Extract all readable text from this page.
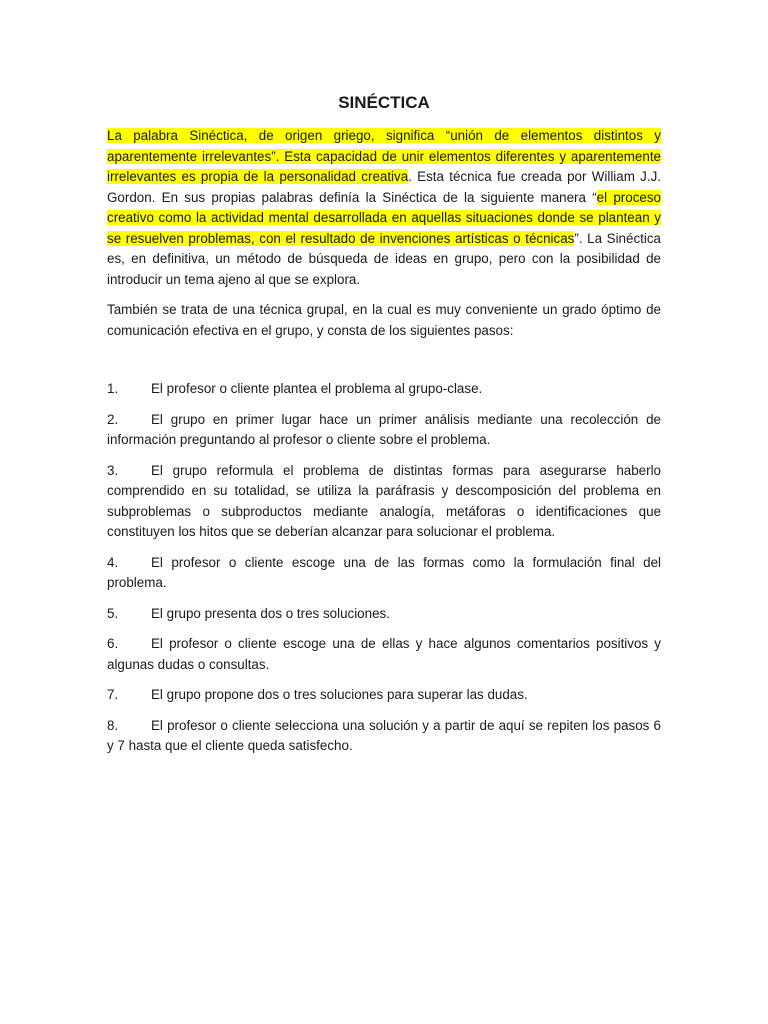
SINÉCTICA

La palabra Sinéctica, de origen griego, significa “unión de elementos distintos y aparentemente irrelevantes”. Esta capacidad de unir elementos diferentes y aparentemente irrelevantes es propia de la personalidad creativa. Esta técnica fue creada por William J.J. Gordon. En sus propias palabras definía la Sinéctica de la siguiente manera “el proceso creativo como la actividad mental desarrollada en aquellas situaciones donde se plantean y se resuelven problemas, con el resultado de invenciones artísticas o técnicas”. La Sinéctica es, en definitiva, un método de búsqueda de ideas en grupo, pero con la posibilidad de introducir un tema ajeno al que se explora.

También se trata de una técnica grupal, en la cual es muy conveniente un grado óptimo de comunicación efectiva en el grupo, y consta de los siguientes pasos:

1. El profesor o cliente plantea el problema al grupo-clase.
2. El grupo en primer lugar hace un primer análisis mediante una recolección de información preguntando al profesor o cliente sobre el problema.
3. El grupo reformula el problema de distintas formas para asegurarse haberlo comprendido en su totalidad, se utiliza la paráfrasis y descomposición del problema en subproblemas o subproductos mediante analogía, metáforas o identificaciones que constituyen los hitos que se deberían alcanzar para solucionar el problema.
4. El profesor o cliente escoge una de las formas como la formulación final del problema.
5. El grupo presenta dos o tres soluciones.
6. El profesor o cliente escoge una de ellas y hace algunos comentarios positivos y algunas dudas o consultas.
7. El grupo propone dos o tres soluciones para superar las dudas.
8. El profesor o cliente selecciona una solución y a partir de aquí se repiten los pasos 6 y 7 hasta que el cliente queda satisfecho.
